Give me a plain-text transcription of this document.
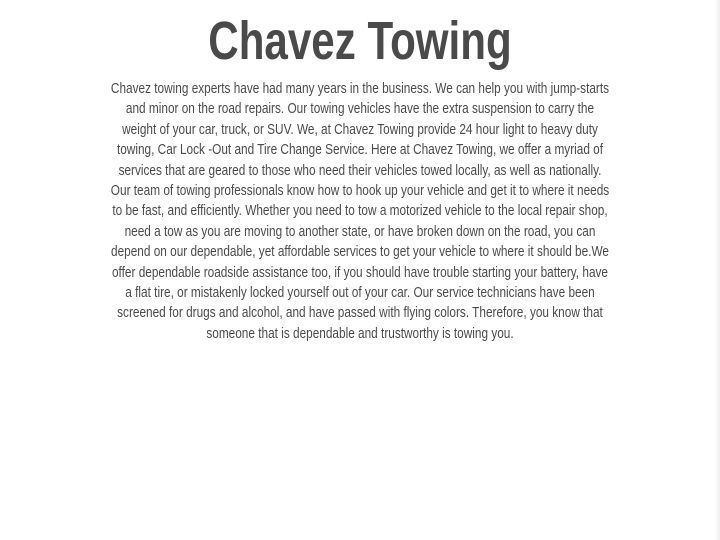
Chavez Towing

Chavez towing experts have had many years in the business. We can help you with jump-starts and minor on the road repairs. Our towing vehicles have the extra suspension to carry the weight of your car, truck, or SUV. We, at Chavez Towing provide 24 hour light to heavy duty towing, Car Lock -Out and Tire Change Service. Here at Chavez Towing, we offer a myriad of services that are geared to those who need their vehicles towed locally, as well as nationally. Our team of towing professionals know how to hook up your vehicle and get it to where it needs to be fast, and efficiently. Whether you need to tow a motorized vehicle to the local repair shop, need a tow as you are moving to another state, or have broken down on the road, you can depend on our dependable, yet affordable services to get your vehicle to where it should be.We offer dependable roadside assistance too, if you should have trouble starting your battery, have a flat tire, or mistakenly locked yourself out of your car. Our service technicians have been screened for drugs and alcohol, and have passed with flying colors. Therefore, you know that someone that is dependable and trustworthy is towing you.
